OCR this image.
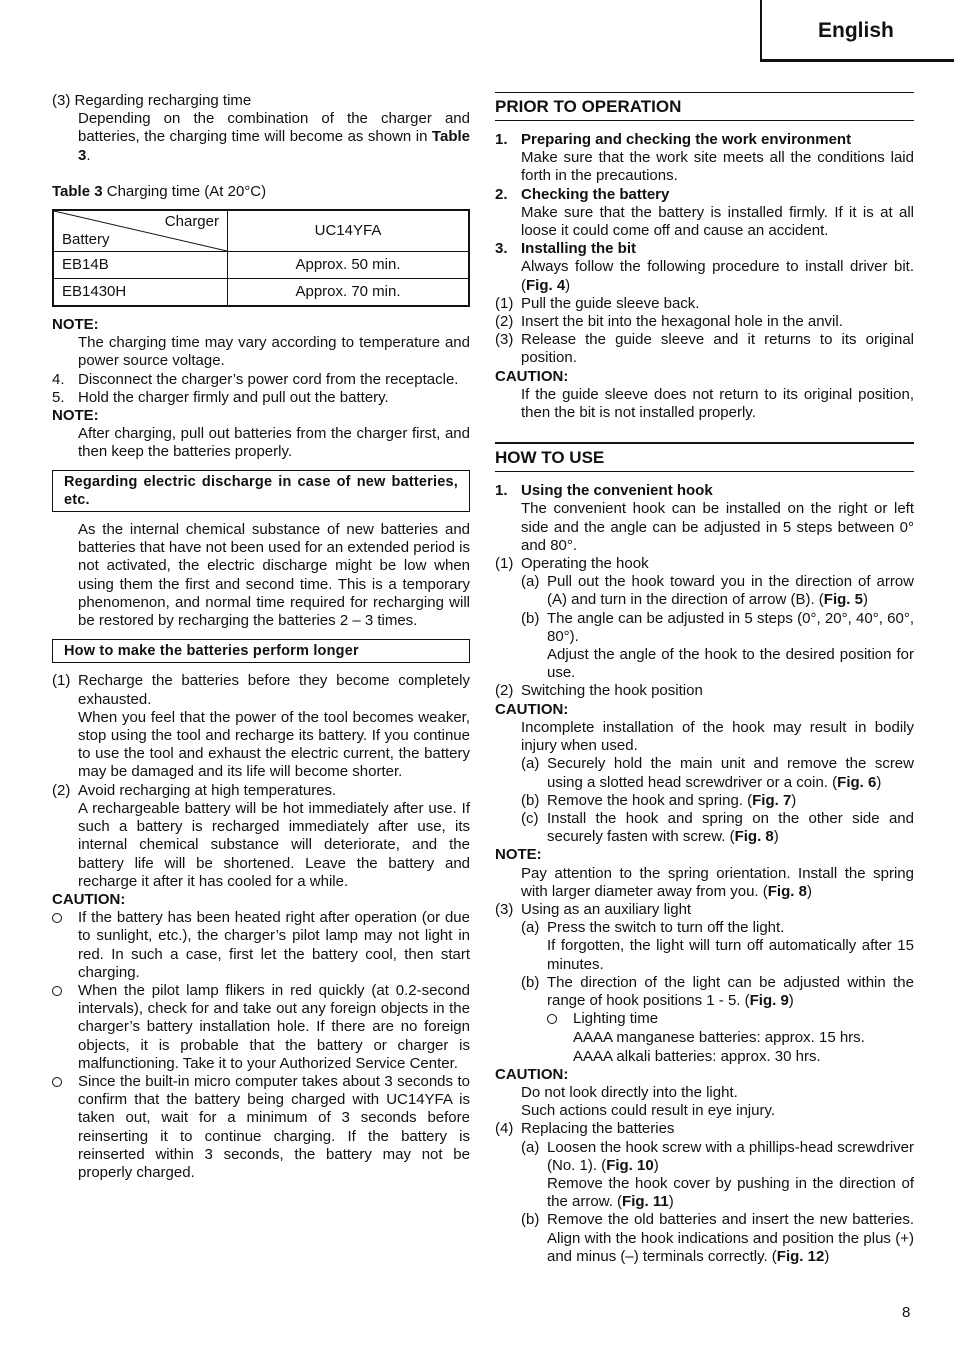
English

(3) Regarding recharging time

Depending on the combination of the charger and batteries, the charging time will become as shown in Table 3.

Table 3 Charging time (At 20°C)

Charger
Battery	UC14YFA
EB14B	Approx. 50 min.
EB1430H	Approx. 70 min.

NOTE:

The charging time may vary according to temperature and power source voltage.

4. Disconnect the charger’s power cord from the receptacle.
5. Hold the charger firmly and pull out the battery.

NOTE:

After charging, pull out batteries from the charger first, and then keep the batteries properly.

Regarding electric discharge in case of new batteries, etc.

As the internal chemical substance of new batteries and batteries that have not been used for an extended period is not activated, the electric discharge might be low when using them the first and second time. This is a temporary phenomenon, and normal time required for recharging will be restored by recharging the batteries 2 – 3 times.

How to make the batteries perform longer
(1) Recharge the batteries before they become completely exhausted.

When you feel that the power of the tool becomes weaker, stop using the tool and recharge its battery. If you continue to use the tool and exhaust the electric current, the battery may be damaged and its life will become shorter.

(2) Avoid recharging at high temperatures.

A rechargeable battery will be hot immediately after use. If such a battery is recharged immediately after use, its internal chemical substance will deteriorate, and the battery life will be shortened. Leave the battery and recharge it after it has cooled for a while.

CAUTION:

If the battery has been heated right after operation (or due to sunlight, etc.), the charger’s pilot lamp may not light in red. In such a case, first let the battery cool, then start charging.
When the pilot lamp flikers in red quickly (at 0.2-second intervals), check for and take out any foreign objects in the charger’s battery installation hole. If there are no foreign objects, it is probable that the battery or charger is malfunctioning. Take it to your Authorized Service Center.
Since the built-in micro computer takes about 3 seconds to confirm that the battery being charged with UC14YFA is taken out, wait for a minimum of 3 seconds before reinserting it to continue charging. If the battery is reinserted within 3 seconds, the battery may not be properly charged.
PRIOR TO OPERATION
1. Preparing and checking the work environment

Make sure that the work site meets all the conditions laid forth in the precautions.

2. Checking the battery

Make sure that the battery is installed firmly. If it is at all loose it could come off and cause an accident.

3. Installing the bit

Always follow the following procedure to install driver bit. (Fig. 4)

(1) Pull the guide sleeve back.
(2) Insert the bit into the hexagonal hole in the anvil.
(3) Release the guide sleeve and it returns to its original position.

CAUTION:

If the guide sleeve does not return to its original position, then the bit is not installed properly.

HOW TO USE
1. Using the convenient hook

The convenient hook can be installed on the right or left side and the angle can be adjusted in 5 steps between 0° and 80°.

(1) Operating the hook
(a) Pull out the hook toward you in the direction of arrow (A) and turn in the direction of arrow (B). (Fig. 5)
(b) The angle can be adjusted in 5 steps (0°, 20°, 40°, 60°, 80°).

Adjust the angle of the hook to the desired position for use.

(2) Switching the hook position

CAUTION:

Incomplete installation of the hook may result in bodily injury when used.

(a) Securely hold the main unit and remove the screw using a slotted head screwdriver or a coin. (Fig. 6)
(b) Remove the hook and spring. (Fig. 7)
(c) Install the hook and spring on the other side and securely fasten with screw. (Fig. 8)

NOTE:

Pay attention to the spring orientation. Install the spring with larger diameter away from you. (Fig. 8)

(3) Using as an auxiliary light
(a) Press the switch to turn off the light.

If forgotten, the light will turn off automatically after 15 minutes.

(b) The direction of the light can be adjusted within the range of hook positions 1 - 5. (Fig. 9)
Lighting time

AAAA manganese batteries: approx. 15 hrs.

AAAA alkali batteries: approx. 30 hrs.

CAUTION:

Do not look directly into the light.

Such actions could result in eye injury.

(4) Replacing the batteries
(a) Loosen the hook screw with a phillips-head screwdriver (No. 1). (Fig. 10)

Remove the hook cover by pushing in the direction of the arrow. (Fig. 11)

(b) Remove the old batteries and insert the new batteries. Align with the hook indications and position the plus (+) and minus (–) terminals correctly. (Fig. 12)
8
